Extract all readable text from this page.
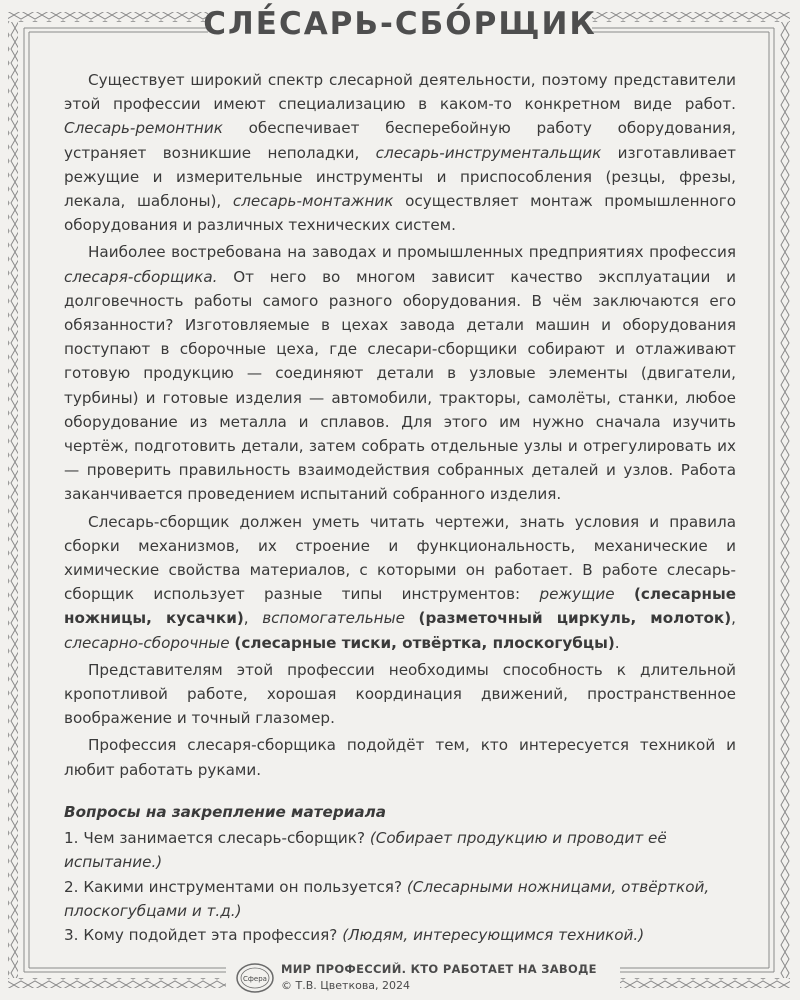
СЛЕ́САРЬ-СБО́РЩИК

Существует широкий спектр слесарной деятельности, поэтому представители этой профессии имеют специализацию в каком-то конкретном виде работ. Слесарь-ремонтник обеспечивает бесперебойную работу оборудования, устраняет возникшие неполадки, слесарь-инструментальщик изготавливает режущие и измерительные инструменты и приспособления (резцы, фрезы, лекала, шаблоны), слесарь-монтажник осуществляет монтаж промышленного оборудования и различных технических систем.

Наиболее востребована на заводах и промышленных предприятиях профессия слесаря-сборщика. От него во многом зависит качество эксплуатации и долговечность работы самого разного оборудования. В чём заключаются его обязанности? Изготовляемые в цехах завода детали машин и оборудования поступают в сборочные цеха, где слесари-сборщики собирают и отлаживают готовую продукцию — соединяют детали в узловые элементы (двигатели, турбины) и готовые изделия — автомобили, тракторы, самолёты, станки, любое оборудование из металла и сплавов. Для этого им нужно сначала изучить чертёж, подготовить детали, затем собрать отдельные узлы и отрегулировать их — проверить правильность взаимодействия собранных деталей и узлов. Работа заканчивается проведением испытаний собранного изделия.

Слесарь-сборщик должен уметь читать чертежи, знать условия и правила сборки механизмов, их строение и функциональность, механические и химические свойства материалов, с которыми он работает. В работе слесарь-сборщик использует разные типы инструментов: режущие (слесарные ножницы, кусачки), вспомогательные (разметочный циркуль, молоток), слесарно-сборочные (слесарные тиски, отвёртка, плоскогубцы).

Представителям этой профессии необходимы способность к длительной кропотливой работе, хорошая координация движений, пространственное воображение и точный глазомер.

Профессия слесаря-сборщика подойдёт тем, кто интересуется техникой и любит работать руками.

Вопросы на закрепление материала

1. Чем занимается слесарь-сборщик? (Собирает продукцию и проводит её испытание.)
2. Какими инструментами он пользуется? (Слесарными ножницами, отвёрткой, плоскогубцами и т.д.)
3. Кому подойдет эта профессия? (Людям, интересующимся техникой.)
Сфера
МИР ПРОФЕССИЙ. КТО РАБОТАЕТ НА ЗАВОДЕ
© Т.В. Цветкова, 2024
